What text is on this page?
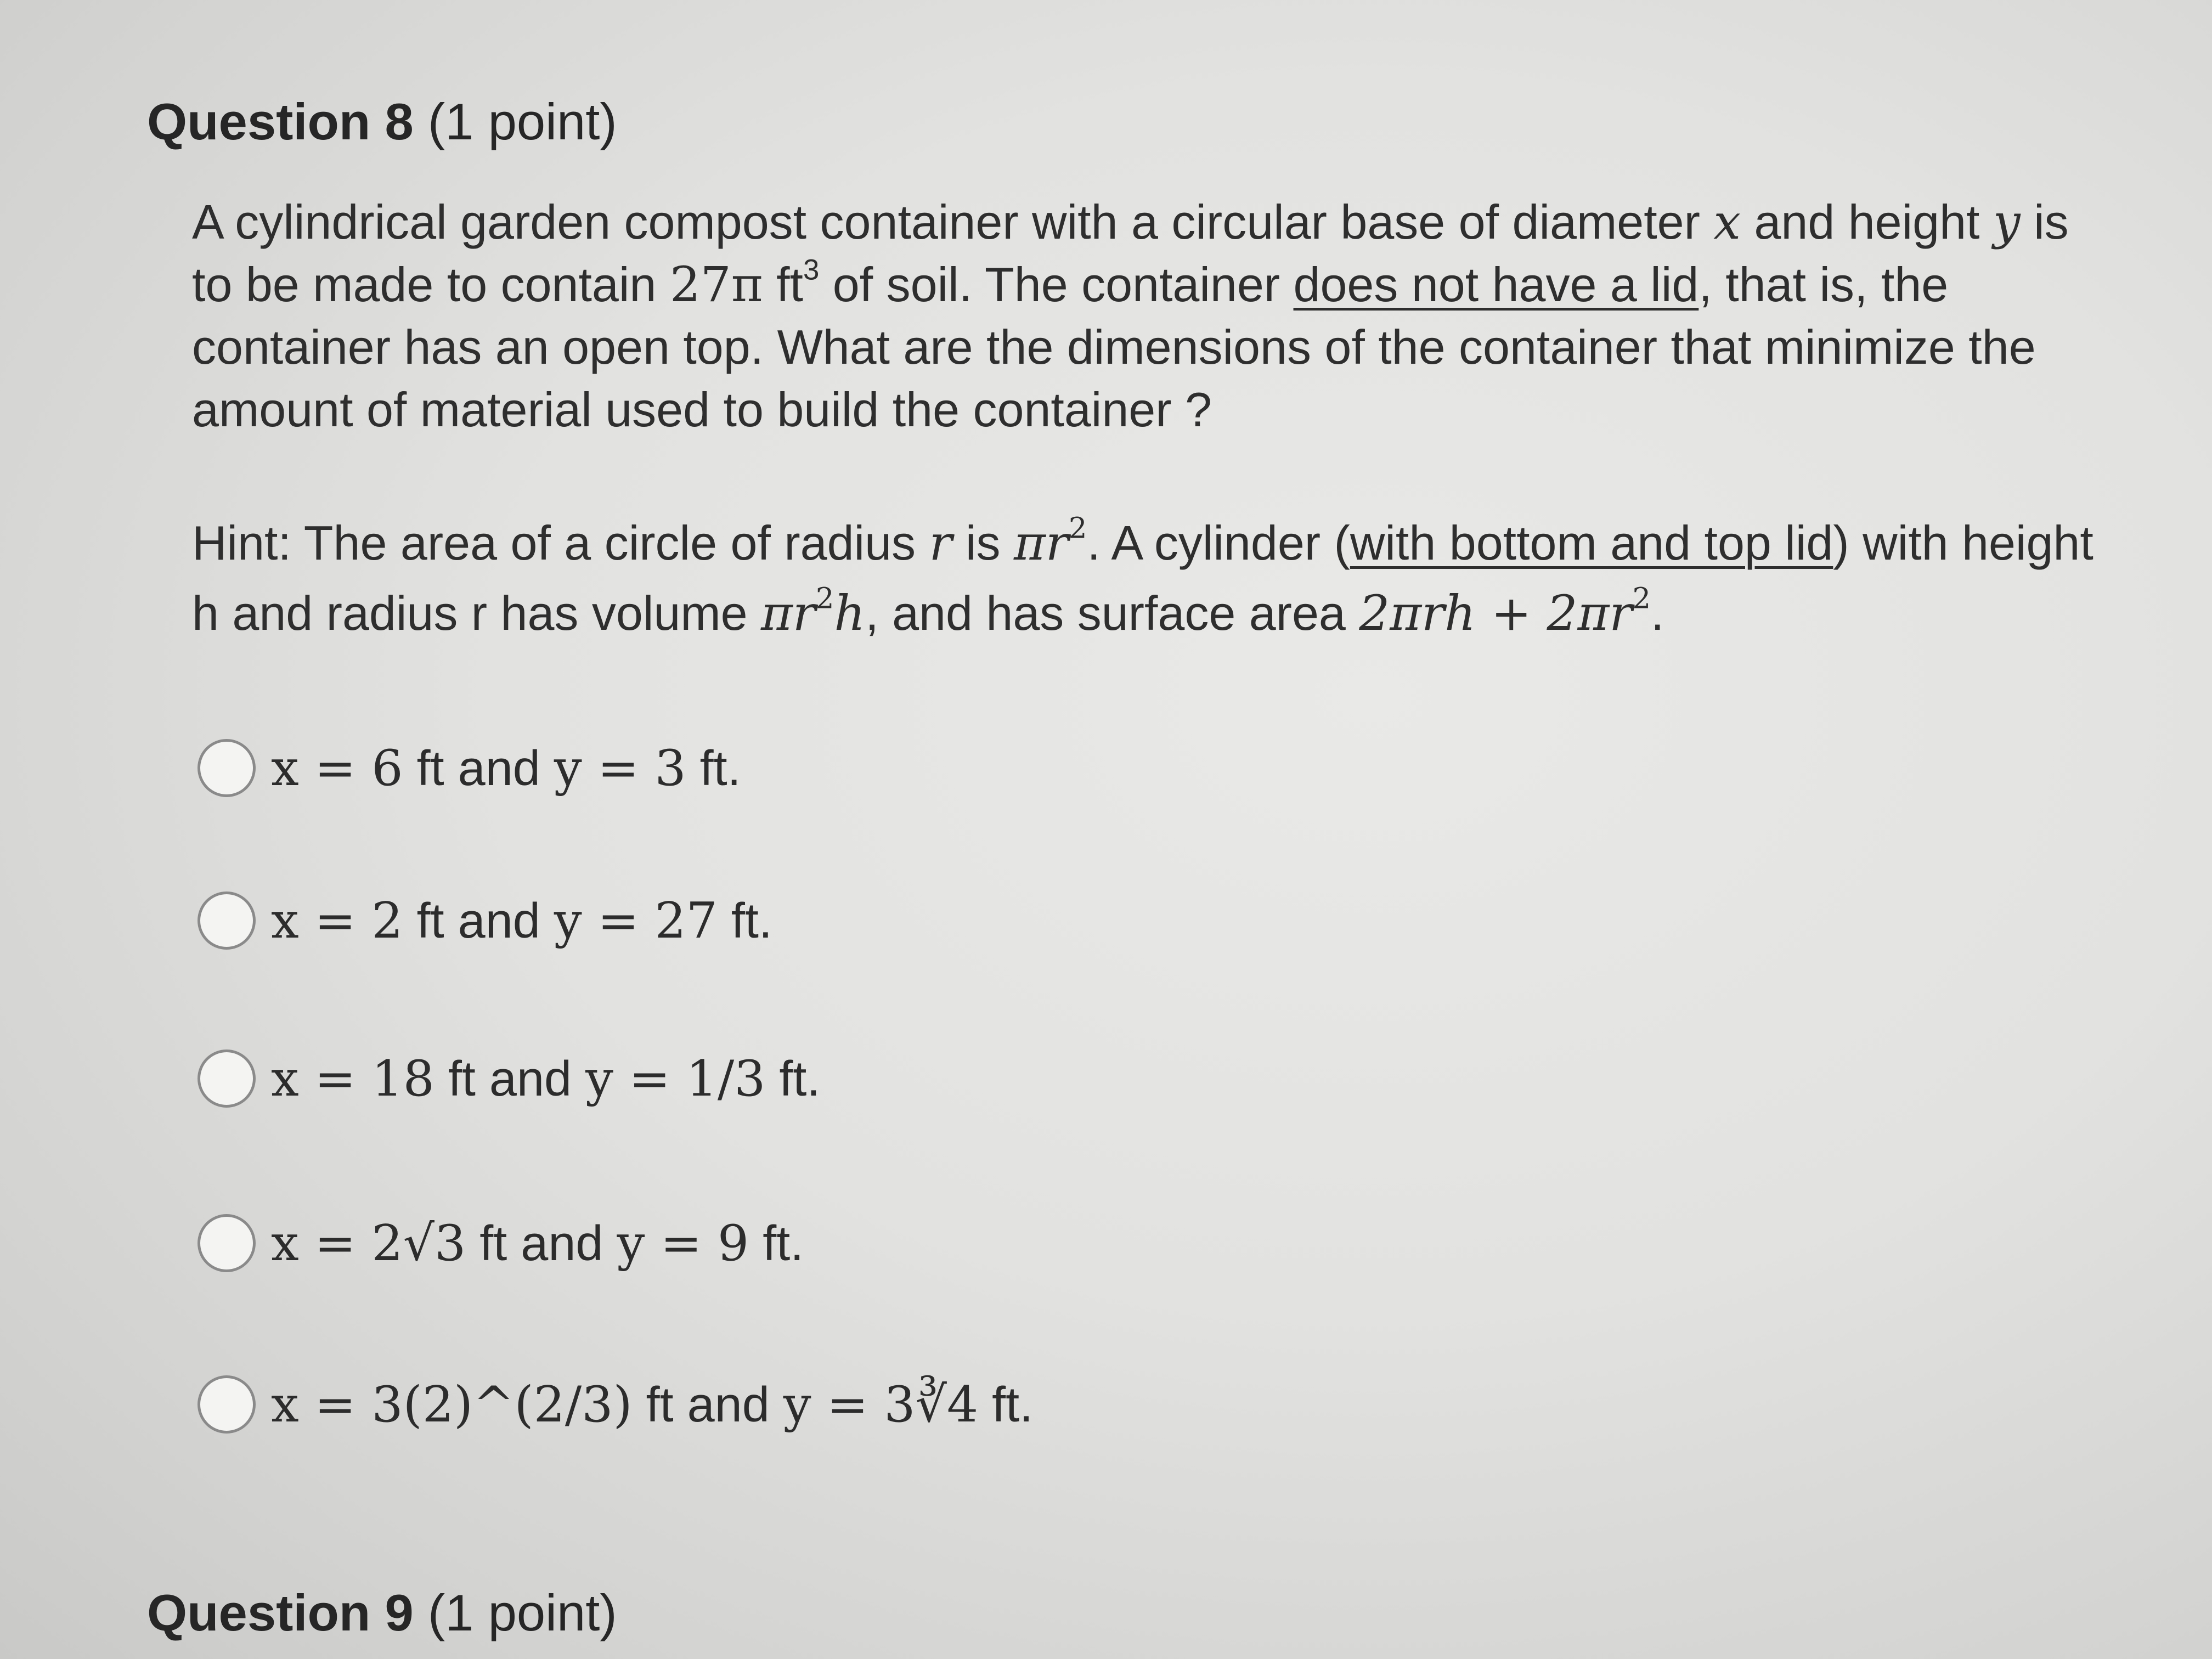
Question 8 (1 point)
A cylindrical garden compost container with a circular base of diameter x and height y is to be made to contain 27π $ft^3$ of soil. The container does not have a lid, that is, the container has an open top. What are the dimensions of the container that minimize the amount of material used to build the container ?
Hint: The area of a circle of radius r is $\pi r^2$. A cylinder (with bottom and top lid) with height h and radius r has volume $\pi r^2h$, and has surface area $2\pi rh + 2\pi r^2$.
x = 6 ft and y = 3 ft.
x = 2 ft and y = 27 ft.
x = 18 ft and y = 1/3 ft.
x = 2√3 ft and y = 9 ft.
x = 3(2)^(2/3) ft and y = 3∛4 ft.
Question 9 (1 point)
